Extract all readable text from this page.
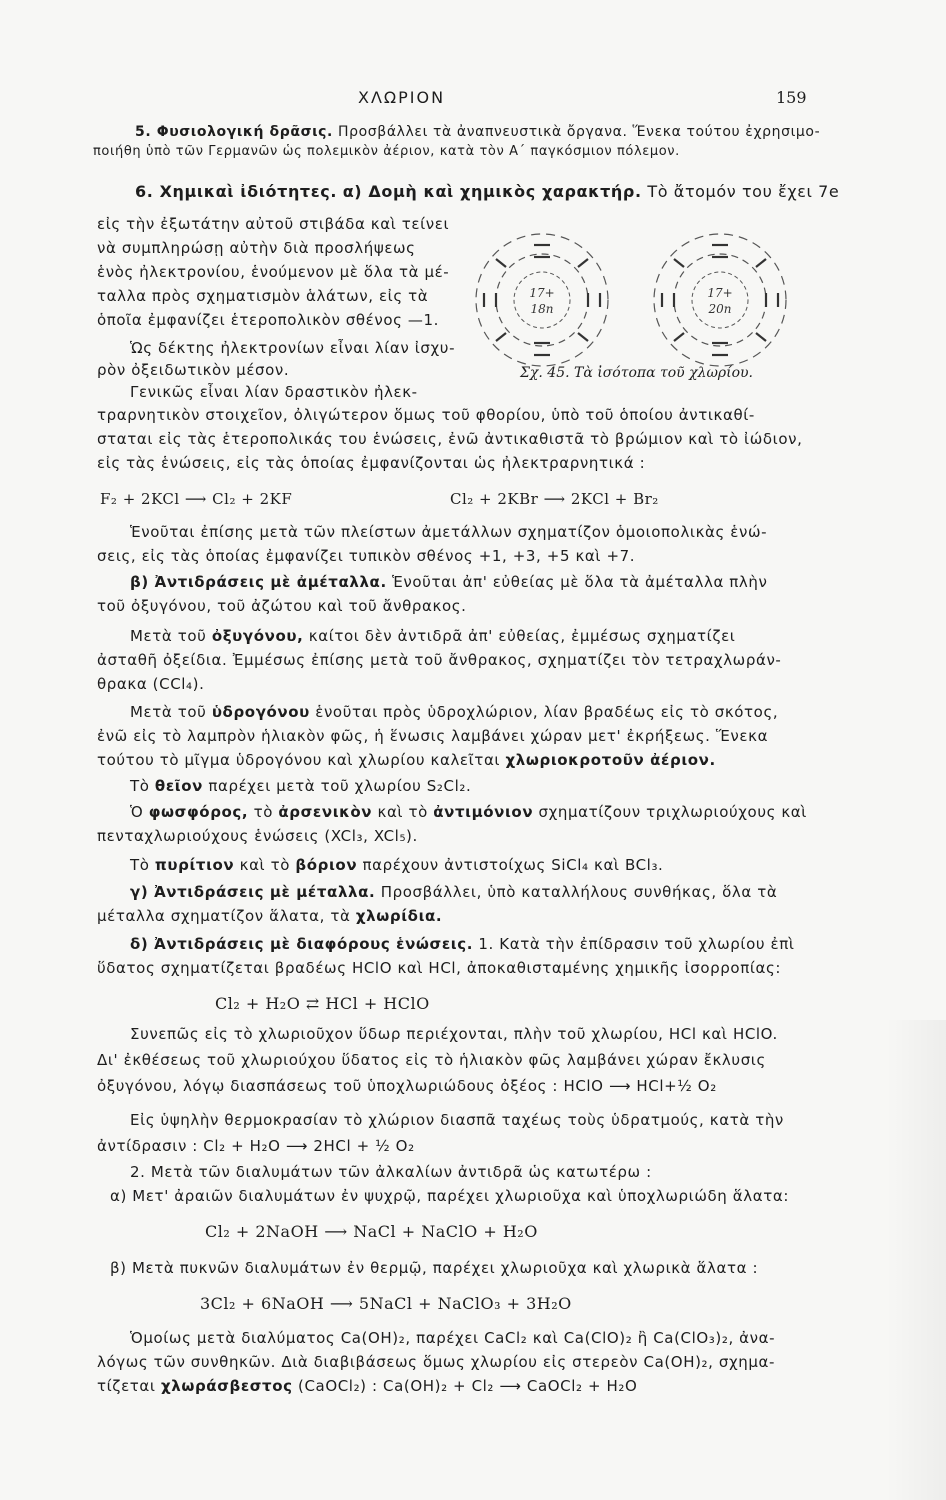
ΧΛΩΡΙΟΝ	159
5. Φυσιολογική δρᾶσις. Προσβάλλει τὰ ἀναπνευστικὰ ὄργανα. Ἕνεκα τούτου ἐχρησιμο-
ποιήθη ὑπὸ τῶν Γερμανῶν ὡς πολεμικὸν ἀέριον, κατὰ τὸν Α΄ παγκόσμιον πόλεμον.
6. Χημικαὶ ἰδιότητες. α) Δομὴ καὶ χημικὸς χαρακτήρ. Τὸ ἄτομόν του ἔχει 7e
εἰς τὴν ἐξωτάτην αὐτοῦ στιβάδα καὶ τείνει
νὰ συμπληρώσῃ αὐτὴν διὰ προσλήψεως
ἑνὸς ἠλεκτρονίου, ἑνούμενον μὲ ὅλα τὰ μέ-
ταλλα πρὸς σχηματισμὸν ἁλάτων, εἰς τὰ
ὁποῖα ἐμφανίζει ἑτεροπολικὸν σθένος —1.
Ὡς δέκτης ἠλεκτρονίων εἶναι λίαν ἰσχυ-
ρὸν ὀξειδωτικὸν μέσον.
Γενικῶς εἶναι λίαν δραστικὸν ἠλεκ-
17+
18n
17+
20n
Σχ. 45. Τὰ ἰσότοπα τοῦ χλωρίου.
τραρνητικὸν στοιχεῖον, ὀλιγώτερον ὅμως τοῦ φθορίου, ὑπὸ τοῦ ὁποίου ἀντικαθί-
σταται εἰς τὰς ἑτεροπολικάς του ἑνώσεις, ἐνῶ ἀντικαθιστᾶ τὸ βρώμιον καὶ τὸ ἰώδιον,
εἰς τὰς ἑνώσεις, εἰς τὰς ὁποίας ἐμφανίζονται ὡς ἠλεκτραρνητικά :
F₂ + 2KCl ⟶ Cl₂ + 2KF	Cl₂ + 2KBr ⟶ 2KCl + Br₂
Ἑνοῦται ἐπίσης μετὰ τῶν πλείστων ἀμετάλλων σχηματίζον ὁμοιοπολικὰς ἑνώ-
σεις, εἰς τὰς ὁποίας ἐμφανίζει τυπικὸν σθένος +1, +3, +5 καὶ +7.
β) Ἀντιδράσεις μὲ ἀμέταλλα. Ἑνοῦται ἀπ' εὐθείας μὲ ὅλα τὰ ἀμέταλλα πλὴν
τοῦ ὀξυγόνου, τοῦ ἀζώτου καὶ τοῦ ἄνθρακος.
Μετὰ τοῦ ὀξυγόνου, καίτοι δὲν ἀντιδρᾶ ἀπ' εὐθείας, ἐμμέσως σχηματίζει
ἀσταθῆ ὀξείδια. Ἐμμέσως ἐπίσης μετὰ τοῦ ἄνθρακος, σχηματίζει τὸν τετραχλωράν-
θρακα (CCl₄).
Μετὰ τοῦ ὑδρογόνου ἑνοῦται πρὸς ὑδροχλώριον, λίαν βραδέως εἰς τὸ σκότος,
ἐνῶ εἰς τὸ λαμπρὸν ἡλιακὸν φῶς, ἡ ἕνωσις λαμβάνει χώραν μετ' ἐκρήξεως. Ἕνεκα
τούτου τὸ μῖγμα ὑδρογόνου καὶ χλωρίου καλεῖται χλωριοκροτοῦν ἀέριον.
Τὸ θεῖον παρέχει μετὰ τοῦ χλωρίου S₂Cl₂.
Ὁ φωσφόρος, τὸ ἀρσενικὸν καὶ τὸ ἀντιμόνιον σχηματίζουν τριχλωριούχους καὶ
πενταχλωριούχους ἑνώσεις (XCl₃, XCl₅).
Τὸ πυρίτιον καὶ τὸ βόριον παρέχουν ἀντιστοίχως SiCl₄ καὶ BCl₃.
γ) Ἀντιδράσεις μὲ μέταλλα. Προσβάλλει, ὑπὸ καταλλήλους συνθήκας, ὅλα τὰ
μέταλλα σχηματίζον ἅλατα, τὰ χλωρίδια.
δ) Ἀντιδράσεις μὲ διαφόρους ἑνώσεις. 1. Κατὰ τὴν ἐπίδρασιν τοῦ χλωρίου ἐπὶ
ὕδατος σχηματίζεται βραδέως HClO καὶ HCl, ἀποκαθισταμένης χημικῆς ἰσορροπίας:
Cl₂ + H₂O ⇄ HCl + HClO
Συνεπῶς εἰς τὸ χλωριοῦχον ὕδωρ περιέχονται, πλὴν τοῦ χλωρίου, HCl καὶ HClO.
Δι' ἐκθέσεως τοῦ χλωριούχου ὕδατος εἰς τὸ ἡλιακὸν φῶς λαμβάνει χώραν ἔκλυσις
ὀξυγόνου, λόγῳ διασπάσεως τοῦ ὑποχλωριώδους ὀξέος : HClO ⟶ HCl+½ O₂
Εἰς ὑψηλὴν θερμοκρασίαν τὸ χλώριον διασπᾶ ταχέως τοὺς ὑδρατμούς, κατὰ τὴν
ἀντίδρασιν : Cl₂ + H₂O ⟶ 2HCl + ½ O₂
2. Μετὰ τῶν διαλυμάτων τῶν ἀλκαλίων ἀντιδρᾶ ὡς κατωτέρω :
α) Μετ' ἀραιῶν διαλυμάτων ἐν ψυχρῷ, παρέχει χλωριοῦχα καὶ ὑποχλωριώδη ἅλατα:
Cl₂ + 2NaOH ⟶ NaCl + NaClO + H₂O
β) Μετὰ πυκνῶν διαλυμάτων ἐν θερμῷ, παρέχει χλωριοῦχα καὶ χλωρικὰ ἅλατα :
3Cl₂ + 6NaOH ⟶ 5NaCl + NaClO₃ + 3H₂O
Ὁμοίως μετὰ διαλύματος Ca(OH)₂, παρέχει CaCl₂ καὶ Ca(ClO)₂ ἢ Ca(ClO₃)₂, ἀνα-
λόγως τῶν συνθηκῶν. Διὰ διαβιβάσεως ὅμως χλωρίου εἰς στερεὸν Ca(OH)₂, σχημα-
τίζεται χλωράσβεστος (CaOCl₂) : Ca(OH)₂ + Cl₂ ⟶ CaOCl₂ + H₂O
